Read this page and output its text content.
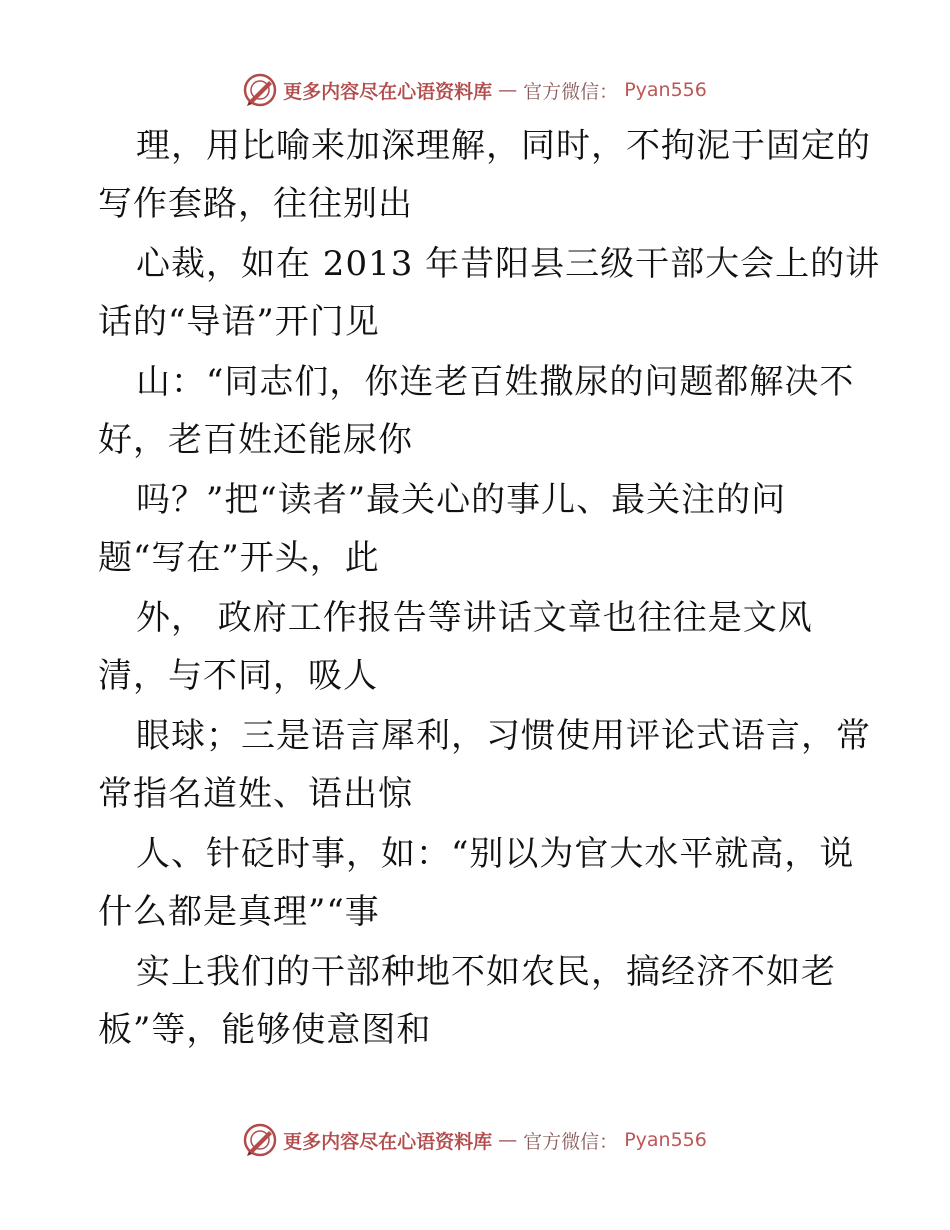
更多内容尽在心语资料库 — 官方微信： Pyan556
理，用比喻来加深理解，同时，不拘泥于固定的
写作套路，往往别出
心裁，如在 2013 年昔阳县三级干部大会上的讲
话的“导语”开门见
山：“同志们，你连老百姓撒尿的问题都解决不
好，老百姓还能尿你
吗？”把“读者”最关心的事儿、最关注的问
题“写在”开头，此
外， 政府工作报告等讲话文章也往往是文风
清，与不同，吸人
眼球；三是语言犀利，习惯使用评论式语言，常
常指名道姓、语出惊
人、针砭时事，如：“别以为官大水平就高，说
什么都是真理”“事
实上我们的干部种地不如农民，搞经济不如老
板”等，能够使意图和
更多内容尽在心语资料库 — 官方微信： Pyan556
